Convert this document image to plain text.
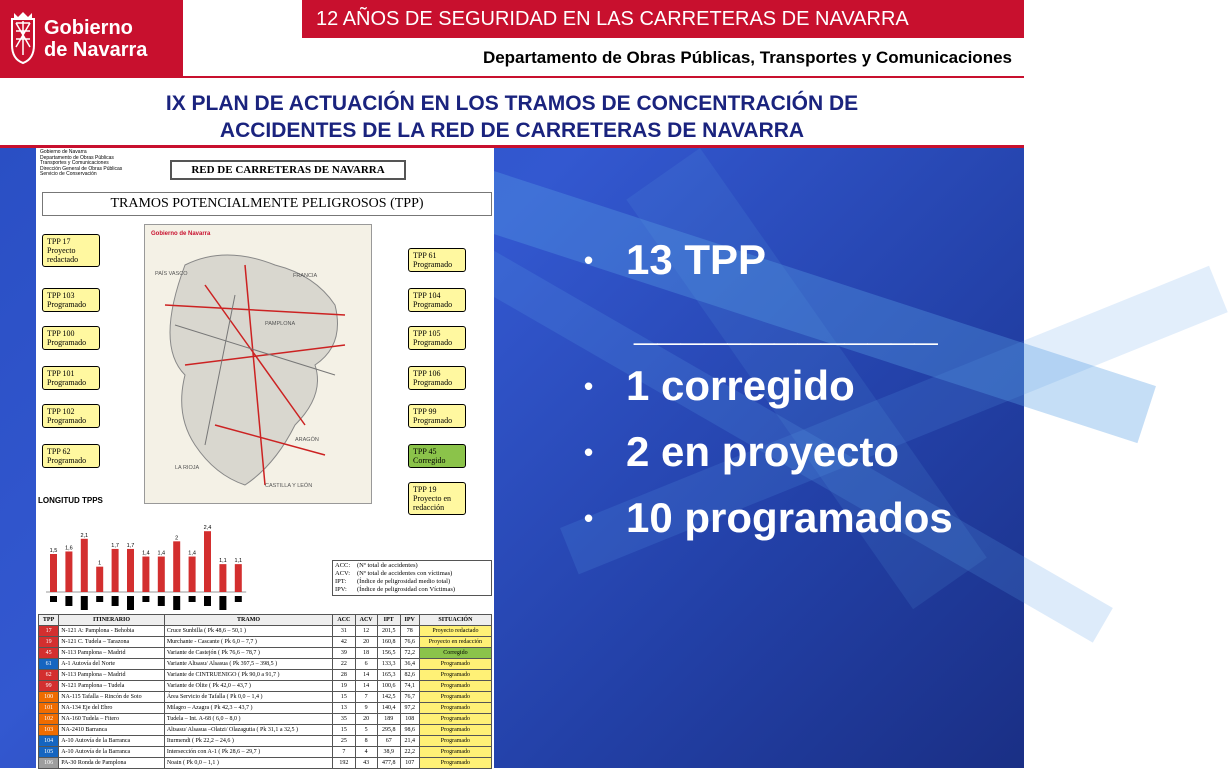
Gobierno
de Navarra
12 AÑOS DE SEGURIDAD EN LAS CARRETERAS DE NAVARRA
Departamento de Obras Públicas, Transportes y Comunicaciones
IX PLAN DE ACTUACIÓN EN LOS TRAMOS DE CONCENTRACIÓN DE
ACCIDENTES DE LA RED DE CARRETERAS DE NAVARRA
Gobierno de Navarra
Departamento de Obras Públicas
Transportes y Comunicaciones
Dirección General de Obras Públicas
Servicio de Conservación	RED DE CARRETERAS DE NAVARRA
TRAMOS POTENCIALMENTE PELIGROSOS (TPP)
Gobierno de Navarra
PAÍS VASCO	FRANCIA
PAMPLONA
ARAGÓN
LA RIOJA
CASTILLA Y LEÓN
TPP 17
Proyecto redactado
TPP 103
Programado
TPP 100
Programado
TPP 101
Programado
TPP 102
Programado
TPP 62
Programado
TPP 61
Programado
TPP 104
Programado
TPP 105
Programado
TPP 106
Programado
TPP 99
Programado
TPP 45
Corregido
TPP 19
Proyecto en redacción
LONGITUD TPPS
1,5 1,6
2,1
1
1,7 1,7
1,4 1,4
2
1,4
2,4
1,1 1,1
ACC: (Nº total de accidentes)
ACV: (Nº total de accidentes con víctimas)
IPT: (Índice de peligrosidad medio total)
IPV: (Índice de peligrosidad con Víctimas)
TPP	ITINERARIO	TRAMO	ACC	ACV	IPT	IPV	SITUACIÓN
17	N-121 A: Pamplona - Behobia	Cruce Sunbilla ( Pk 48,6 – 50,1 )	31	12	201,5	78	Proyecto redactado
19	N-121 C. Tudela – Tarazona	Murchante - Cascante ( Pk 6,0 – 7,7 )	42	20	160,8	76,6	Proyecto en redacción
45	N-113 Pamplona – Madrid	Variante de Castejón ( Pk 76,6 – 78,7 )	39	18	156,5	72,2	Corregido
61	A-1 Autovía del Norte	Variante Altsasu/ Alsasua ( Pk 397,5 – 398,5 )	22	6	133,3	36,4	Programado
62	N-113 Pamplona – Madrid	Variante de CINTRUENIGO ( Pk 90,0 a 91,7 )	28	14	165,3	82,6	Programado
99	N-121 Pamplona – Tudela	Variante de Olite ( Pk 42,0 – 43,7 )	19	14	100,6	74,1	Programado
100	NA-115 Tafalla – Rincón de Soto	Área Servicio de Tafalla ( Pk 0,0 – 1,4 )	15	7	142,5	76,7	Programado
101	NA-134 Eje del Ebro	Milagro – Azagra ( Pk 42,3 – 43,7 )	13	9	140,4	97,2	Programado
102	NA-160 Tudela – Fitero	Tudela – Int. A-68 ( 6,0 – 8,0 )	35	20	189	108	Programado
103	NA-2410 Barranca	Altsasu/ Alsasua –Olatzi/ Olazagutia ( Pk 31,1 a 32,5 )	15	5	295,8	98,6	Programado
104	A-10 Autovía de la Barranca	Iturmendi ( Pk 22,2 – 24,6 )	25	8	67	21,4	Programado
105	A-10 Autovía de la Barranca	Intersección con A-1 ( Pk 28,6 – 29,7 )	7	4	38,9	22,2	Programado
106	PA-30 Ronda de Pamplona	Noain ( Pk 0,0 – 1,1 )	192	43	477,8	107	Programado
• 13 TPP
_____________
• 1 corregido
• 2 en proyecto
• 10 programados
